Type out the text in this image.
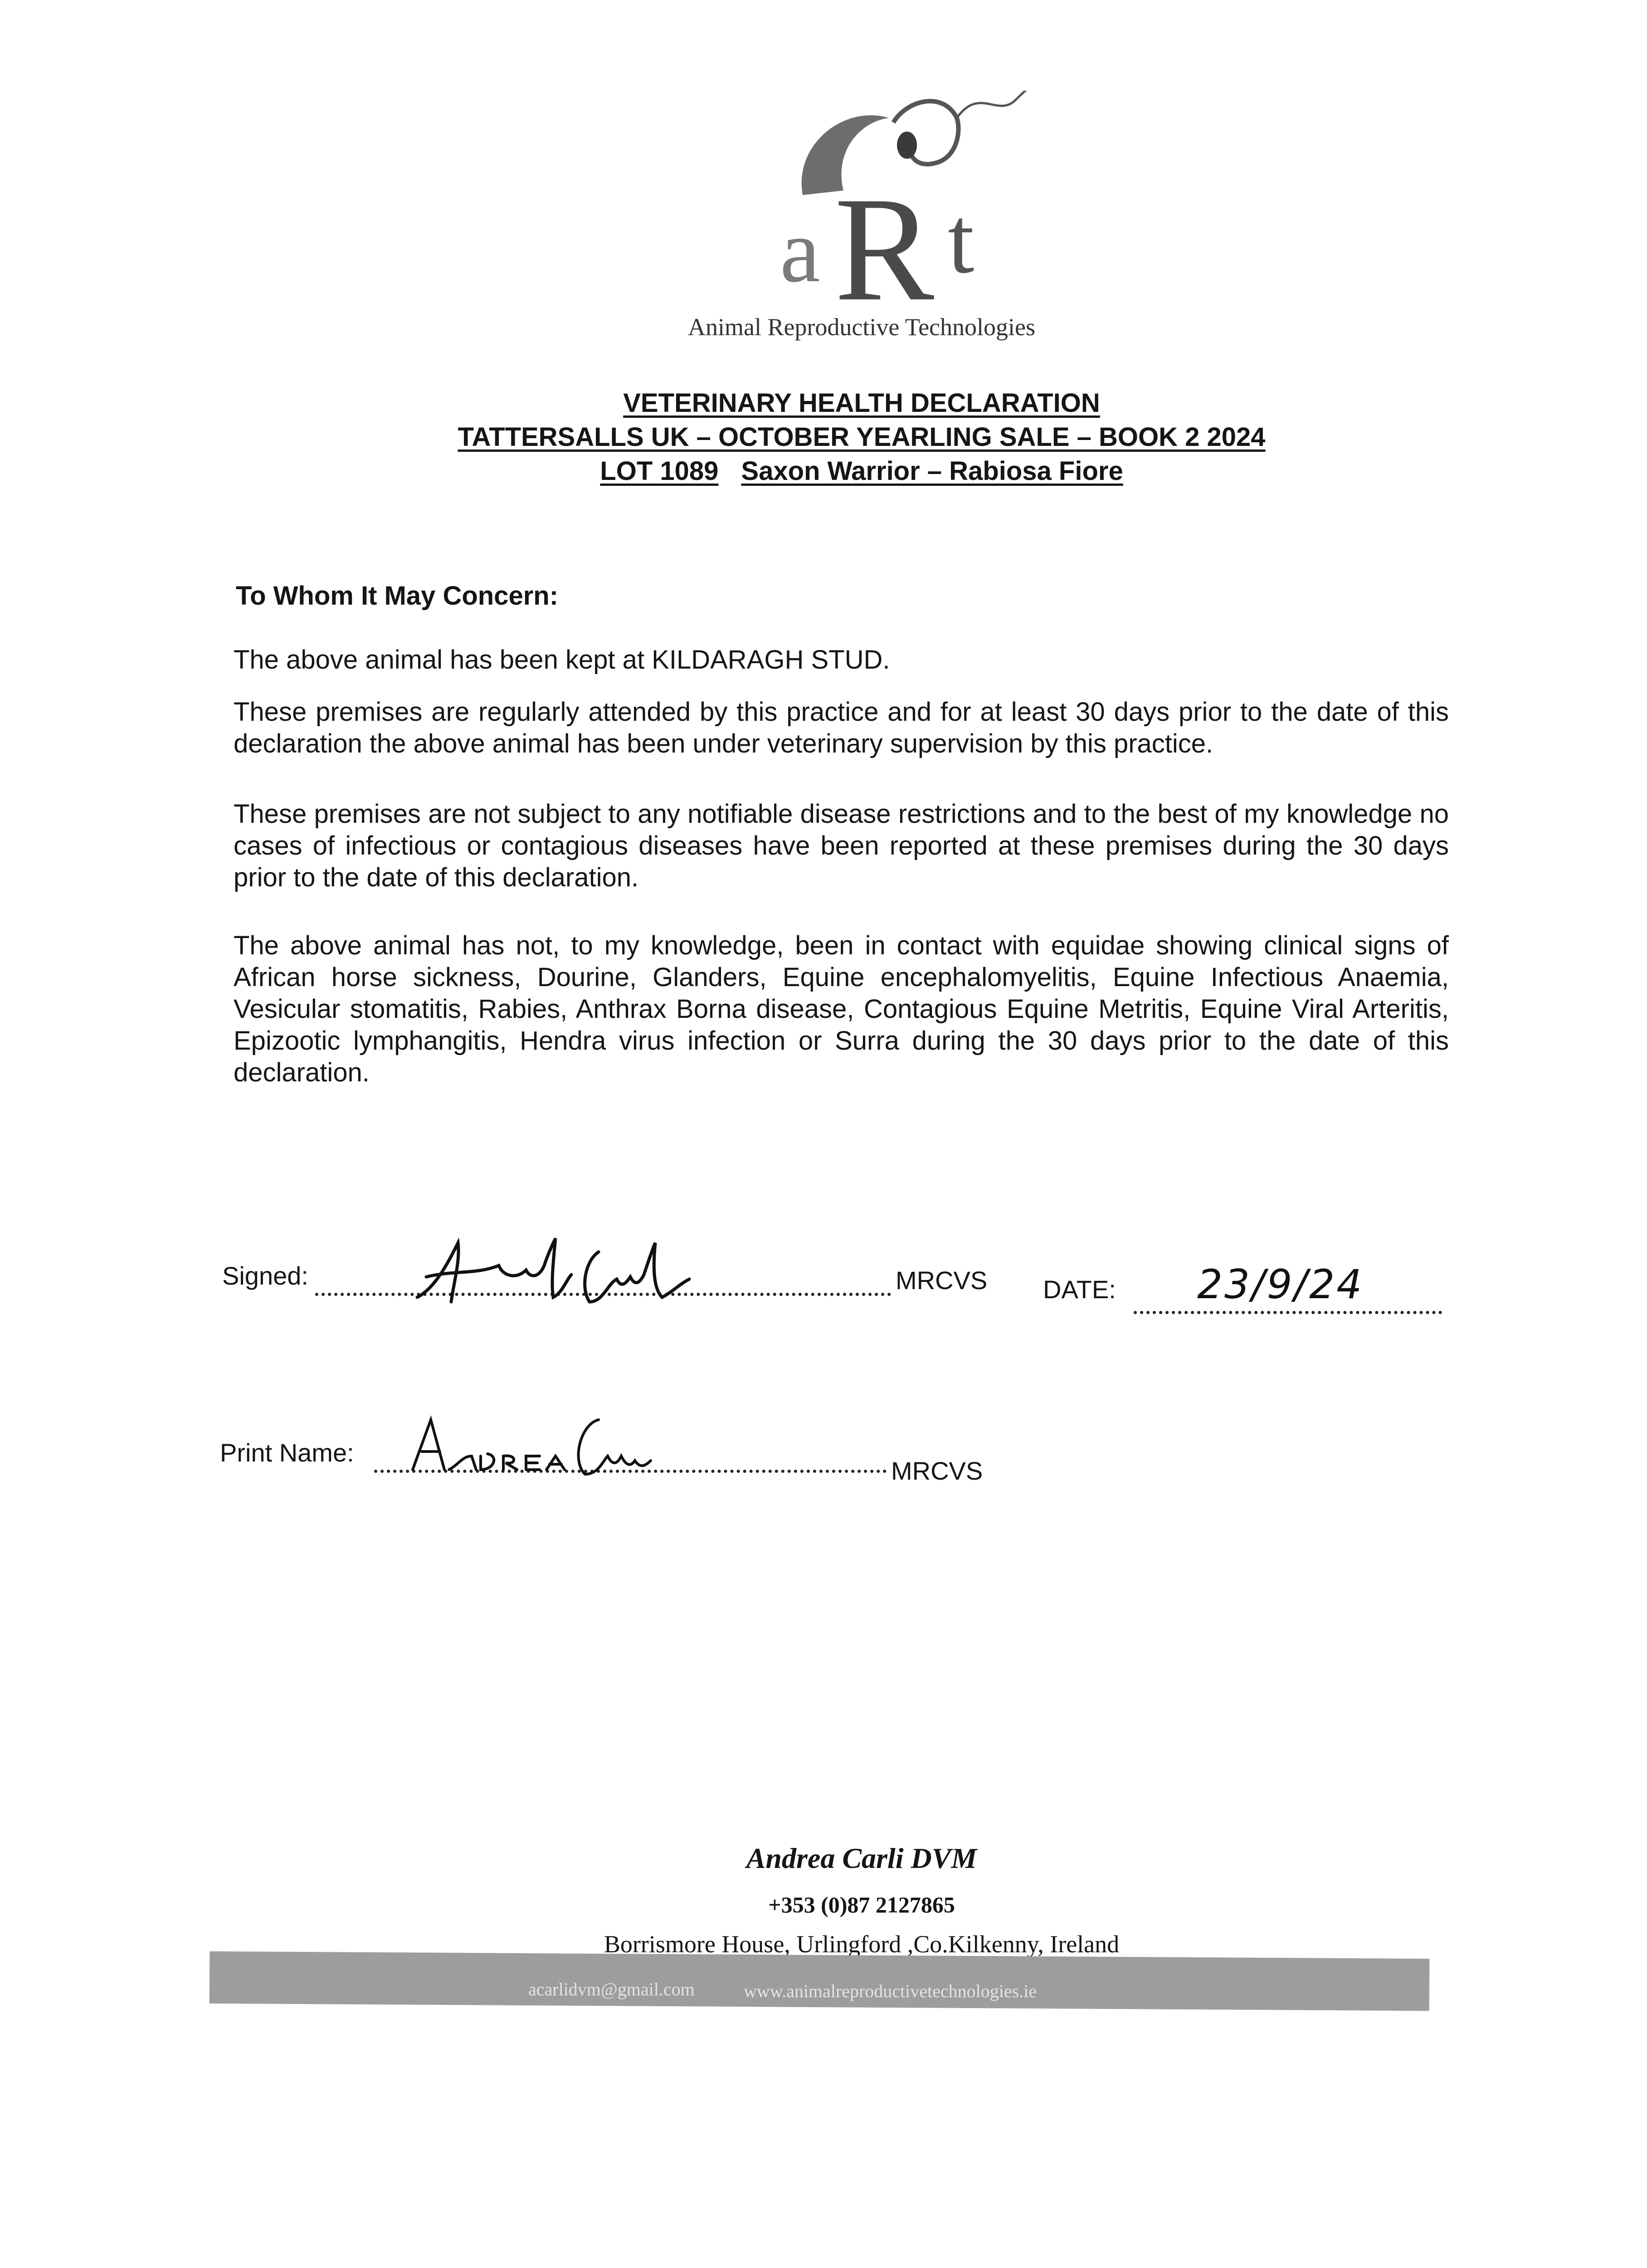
a R t
Animal Reproductive Technologies
VETERINARY HEALTH DECLARATION
TATTERSALLS UK – OCTOBER YEARLING SALE – BOOK 2 2024
LOT 1089 Saxon Warrior – Rabiosa Fiore
To Whom It May Concern:
The above animal has been kept at KILDARAGH STUD.
These premises are regularly attended by this practice and for at least 30 days prior to the date of this declaration the above animal has been under veterinary supervision by this practice.
These premises are not subject to any notifiable disease restrictions and to the best of my knowledge no cases of infectious or contagious diseases have been reported at these premises during the 30 days prior to the date of this declaration.
The above animal has not, to my knowledge, been in contact with equidae showing clinical signs of African horse sickness, Dourine, Glanders, Equine encephalomyelitis, Equine Infectious Anaemia, Vesicular stomatitis, Rabies, Anthrax Borna disease, Contagious Equine Metritis, Equine Viral Arteritis, Epizootic lymphangitis, Hendra virus infection or Surra during the 30 days prior to the date of this declaration.
Signed:	MRCVS DATE: 23/9/24
Print Name:
MRCVS
Andrea Carli DVM
+353 (0)87 2127865
Borrismore House, Urlingford ,Co.Kilkenny, Ireland
acarlidvm@gmail.com	www.animalreproductivetechnologies.ie
